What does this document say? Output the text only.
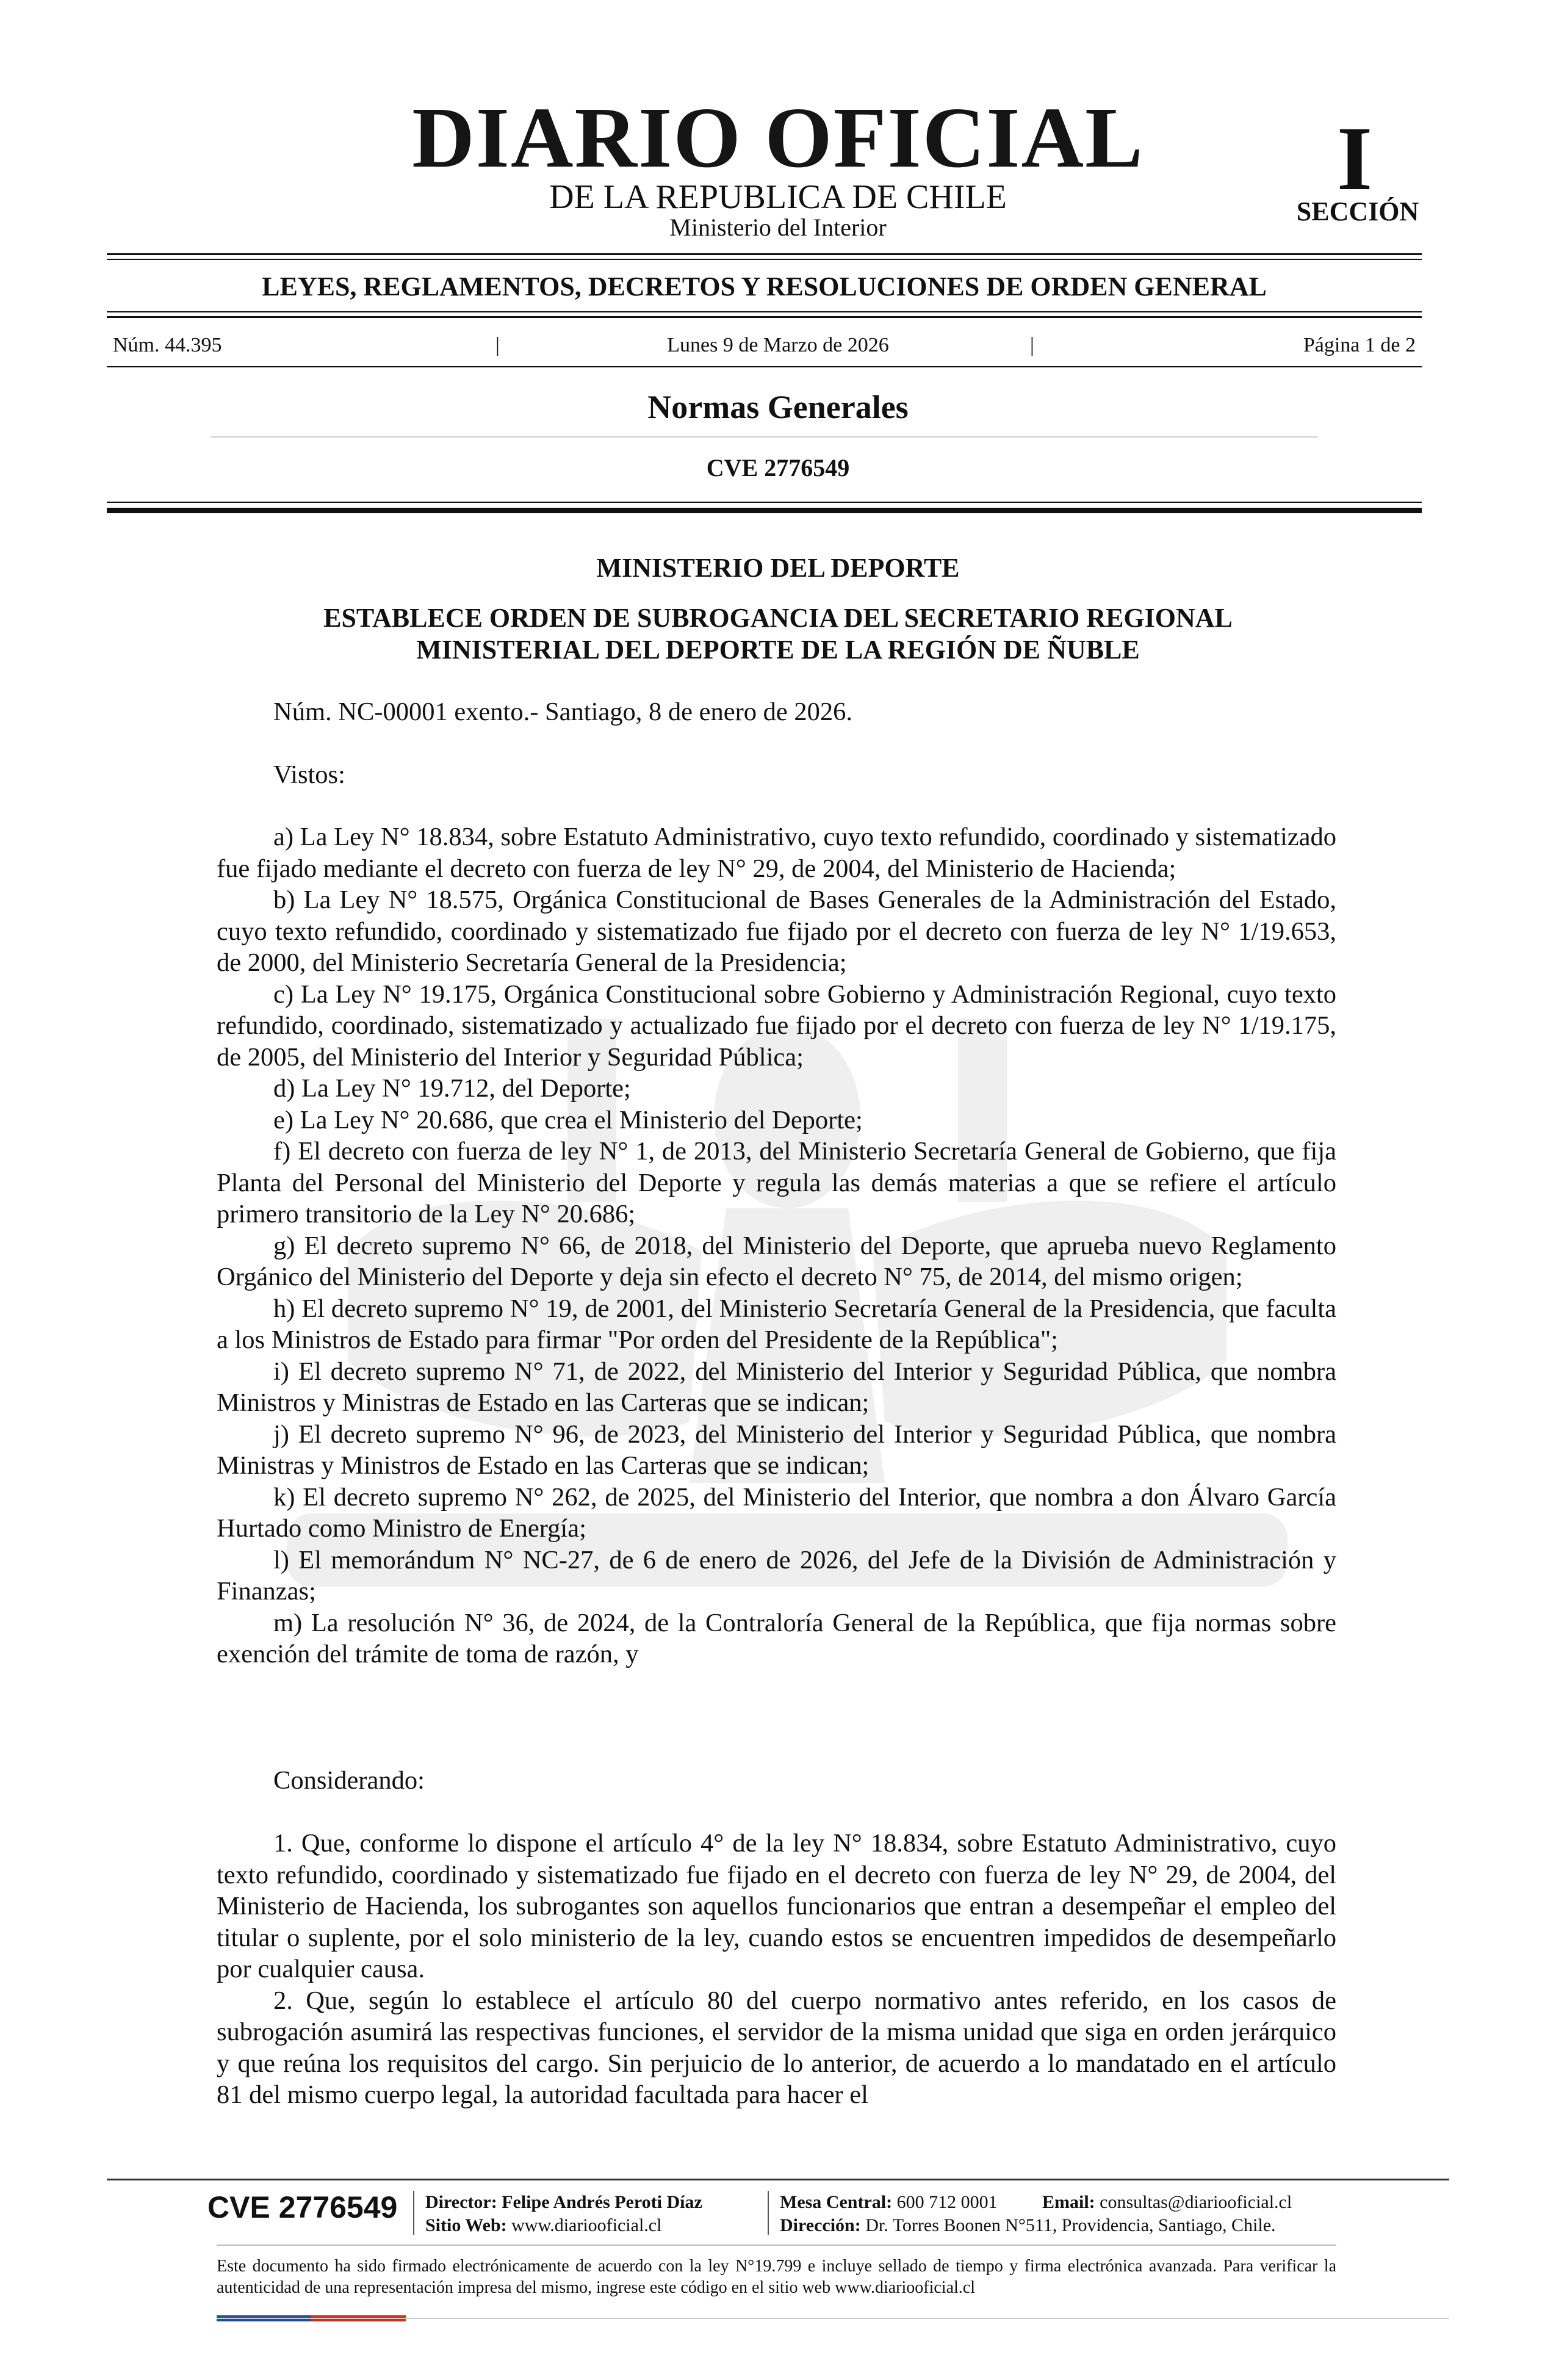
DIARIO OFICIAL
DE LA REPUBLICA DE CHILE
Ministerio del Interior
I
SECCIÓN
LEYES, REGLAMENTOS, DECRETOS Y RESOLUCIONES DE ORDEN GENERAL
Núm. 44.395	|	Lunes 9 de Marzo de 2026	|	Página 1 de 2
Normas Generales
CVE 2776549
MINISTERIO DEL DEPORTE
ESTABLECE ORDEN DE SUBROGANCIA DEL SECRETARIO REGIONAL
MINISTERIAL DEL DEPORTE DE LA REGIÓN DE ÑUBLE
Núm. NC-00001 exento.- Santiago, 8 de enero de 2026.
Vistos:

a) La Ley N° 18.834, sobre Estatuto Administrativo, cuyo texto refundido, coordinado y sistematizado fue fijado mediante el decreto con fuerza de ley N° 29, de 2004, del Ministerio de Hacienda;

b) La Ley N° 18.575, Orgánica Constitucional de Bases Generales de la Administración del Estado, cuyo texto refundido, coordinado y sistematizado fue fijado por el decreto con fuerza de ley N° 1/19.653, de 2000, del Ministerio Secretaría General de la Presidencia;

c) La Ley N° 19.175, Orgánica Constitucional sobre Gobierno y Administración Regional, cuyo texto refundido, coordinado, sistematizado y actualizado fue fijado por el decreto con fuerza de ley N° 1/19.175, de 2005, del Ministerio del Interior y Seguridad Pública;

d) La Ley N° 19.712, del Deporte;

e) La Ley N° 20.686, que crea el Ministerio del Deporte;

f) El decreto con fuerza de ley N° 1, de 2013, del Ministerio Secretaría General de Gobierno, que fija Planta del Personal del Ministerio del Deporte y regula las demás materias a que se refiere el artículo primero transitorio de la Ley N° 20.686;

g) El decreto supremo N° 66, de 2018, del Ministerio del Deporte, que aprueba nuevo Reglamento Orgánico del Ministerio del Deporte y deja sin efecto el decreto N° 75, de 2014, del mismo origen;

h) El decreto supremo N° 19, de 2001, del Ministerio Secretaría General de la Presidencia, que faculta a los Ministros de Estado para firmar "Por orden del Presidente de la República";

i) El decreto supremo N° 71, de 2022, del Ministerio del Interior y Seguridad Pública, que nombra Ministros y Ministras de Estado en las Carteras que se indican;

j) El decreto supremo N° 96, de 2023, del Ministerio del Interior y Seguridad Pública, que nombra Ministras y Ministros de Estado en las Carteras que se indican;

k) El decreto supremo N° 262, de 2025, del Ministerio del Interior, que nombra a don Álvaro García Hurtado como Ministro de Energía;

l) El memorándum N° NC-27, de 6 de enero de 2026, del Jefe de la División de Administración y Finanzas;

m) La resolución N° 36, de 2024, de la Contraloría General de la República, que fija normas sobre exención del trámite de toma de razón, y

Considerando:

1. Que, conforme lo dispone el artículo 4° de la ley N° 18.834, sobre Estatuto Administrativo, cuyo texto refundido, coordinado y sistematizado fue fijado en el decreto con fuerza de ley N° 29, de 2004, del Ministerio de Hacienda, los subrogantes son aquellos funcionarios que entran a desempeñar el empleo del titular o suplente, por el solo ministerio de la ley, cuando estos se encuentren impedidos de desempeñarlo por cualquier causa.

2. Que, según lo establece el artículo 80 del cuerpo normativo antes referido, en los casos de subrogación asumirá las respectivas funciones, el servidor de la misma unidad que siga en orden jerárquico y que reúna los requisitos del cargo. Sin perjuicio de lo anterior, de acuerdo a lo mandatado en el artículo 81 del mismo cuerpo legal, la autoridad facultada para hacer el

CVE 2776549	Director: Felipe Andrés Peroti Díaz
Sitio Web: www.diariooficial.cl
Mesa Central: 600 712 0001 Email: consultas@diariooficial.cl
Dirección: Dr. Torres Boonen N°511, Providencia, Santiago, Chile.
Este documento ha sido firmado electrónicamente de acuerdo con la ley N°19.799 e incluye sellado de tiempo y firma electrónica avanzada. Para verificar la autenticidad de una representación impresa del mismo, ingrese este código en el sitio web www.diariooficial.cl
